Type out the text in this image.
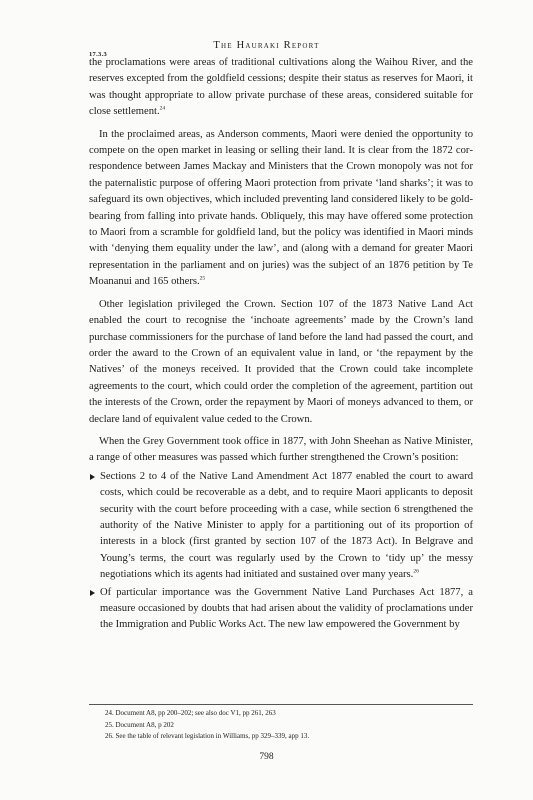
The Hauraki Report
17.3.3

the proclamations were areas of traditional cultivations along the Waihou River, and the reserves excepted from the goldfield cessions; despite their status as reserves for Maori, it was thought appropriate to allow private purchase of these areas, considered suitable for close settlement.$^{24}$

In the proclaimed areas, as Anderson comments, Maori were denied the opportunity to compete on the open market in leasing or selling their land. It is clear from the 1872 correspondence between James Mackay and Ministers that the Crown monopoly was not for the paternalistic purpose of offering Maori protection from private ‘land sharks’; it was to safeguard its own objectives, which included preventing land considered likely to be gold-bearing from falling into private hands. Obliquely, this may have offered some protection to Maori from a scramble for goldfield land, but the policy was identified in Maori minds with ‘denying them equality under the law’, and (along with a demand for greater Maori representation in the parliament and on juries) was the subject of an 1876 petition by Te Moananui and 165 others.$^{25}$

Other legislation privileged the Crown. Section 107 of the 1873 Native Land Act enabled the court to recognise the ‘inchoate agreements’ made by the Crown’s land purchase commissioners for the purchase of land before the land had passed the court, and order the award to the Crown of an equivalent value in land, or ‘the repayment by the Natives’ of the moneys received. It provided that the Crown could take incomplete agreements to the court, which could order the completion of the agreement, partition out the interests of the Crown, order the repayment by Maori of moneys advanced to them, or declare land of equivalent value ceded to the Crown.

When the Grey Government took office in 1877, with John Sheehan as Native Minister, a range of other measures was passed which further strengthened the Crown’s position:

Sections 2 to 4 of the Native Land Amendment Act 1877 enabled the court to award costs, which could be recoverable as a debt, and to require Maori applicants to deposit security with the court before proceeding with a case, while section 6 strengthened the authority of the Native Minister to apply for a partitioning out of its proportion of interests in a block (first granted by section 107 of the 1873 Act). In Belgrave and Young’s terms, the court was regularly used by the Crown to ‘tidy up’ the messy negotiations which its agents had initiated and sustained over many years.$^{26}$
Of particular importance was the Government Native Land Purchases Act 1877, a measure occasioned by doubts that had arisen about the validity of proclamations under the Immigration and Public Works Act. The new law empowered the Government by
24. Document A8, pp 200–202; see also doc V1, pp 261, 263
25. Document A8, p 202
26. See the table of relevant legislation in Williams, pp 329–339, app 13.
798
